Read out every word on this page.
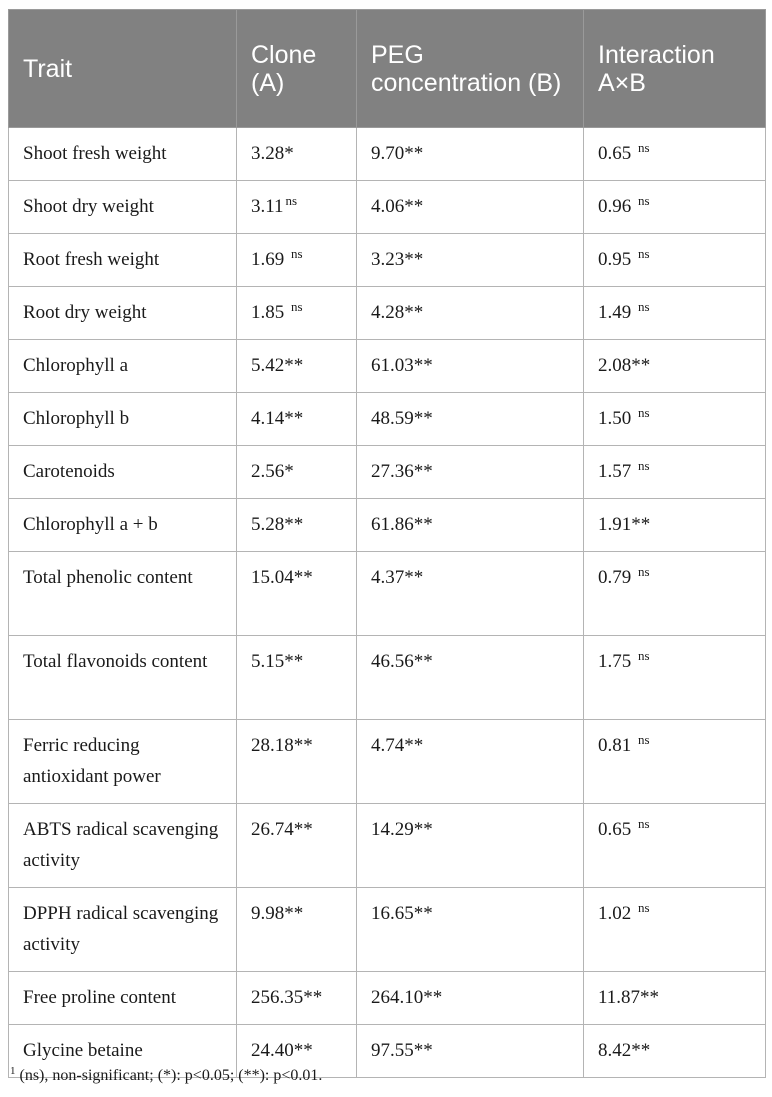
Trait	Clone (A)	PEG concentration (B)	Interaction A×B
Shoot fresh weight	3.28*	9.70**	0.65 $^{ns}$
Shoot dry weight	3.11 $^{ns}$	4.06**	0.96 $^{ns}$
Root fresh weight	1.69 $^{ns}$	3.23**	0.95 $^{ns}$
Root dry weight	1.85 $^{ns}$	4.28**	1.49 $^{ns}$
Chlorophyll a	5.42**	61.03**	2.08**
Chlorophyll b	4.14**	48.59**	1.50 $^{ns}$
Carotenoids	2.56*	27.36**	1.57 $^{ns}$
Chlorophyll a + b	5.28**	61.86**	1.91**
Total phenolic content	15.04**	4.37**	0.79 $^{ns}$
Total flavonoids content	5.15**	46.56**	1.75 $^{ns}$
Ferric reducing antioxidant power	28.18**	4.74**	0.81 $^{ns}$
ABTS radical scavenging activity	26.74**	14.29**	0.65 $^{ns}$
DPPH radical scavenging activity	9.98**	16.65**	1.02 $^{ns}$
Free proline content	256.35**	264.10**	11.87**
Glycine betaine	24.40**	97.55**	8.42**
$^1$ (ns), non-significant; (*): p<0.05; (**): p<0.01.
